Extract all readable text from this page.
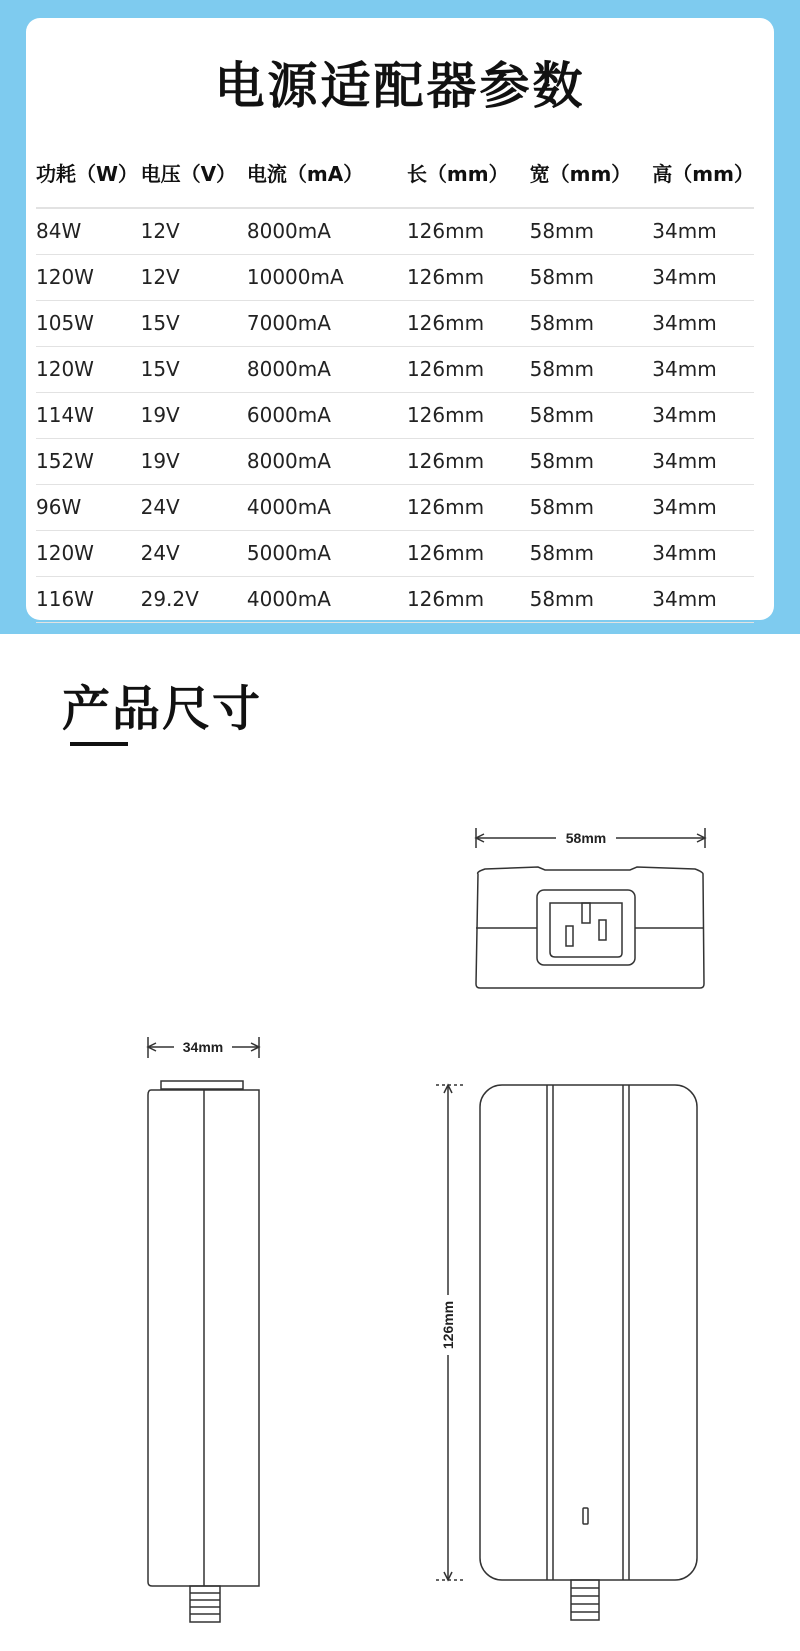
电源适配器参数
功耗（W）	电压（V）	电流（mA）	长（mm）	宽（mm）	高（mm）
84W	12V	8000mA	126mm	58mm	34mm
120W	12V	10000mA	126mm	58mm	34mm
105W	15V	7000mA	126mm	58mm	34mm
120W	15V	8000mA	126mm	58mm	34mm
114W	19V	6000mA	126mm	58mm	34mm
152W	19V	8000mA	126mm	58mm	34mm
96W	24V	4000mA	126mm	58mm	34mm
120W	24V	5000mA	126mm	58mm	34mm
116W	29.2V	4000mA	126mm	58mm	34mm
产品尺寸
58mm
34mm
126mm
